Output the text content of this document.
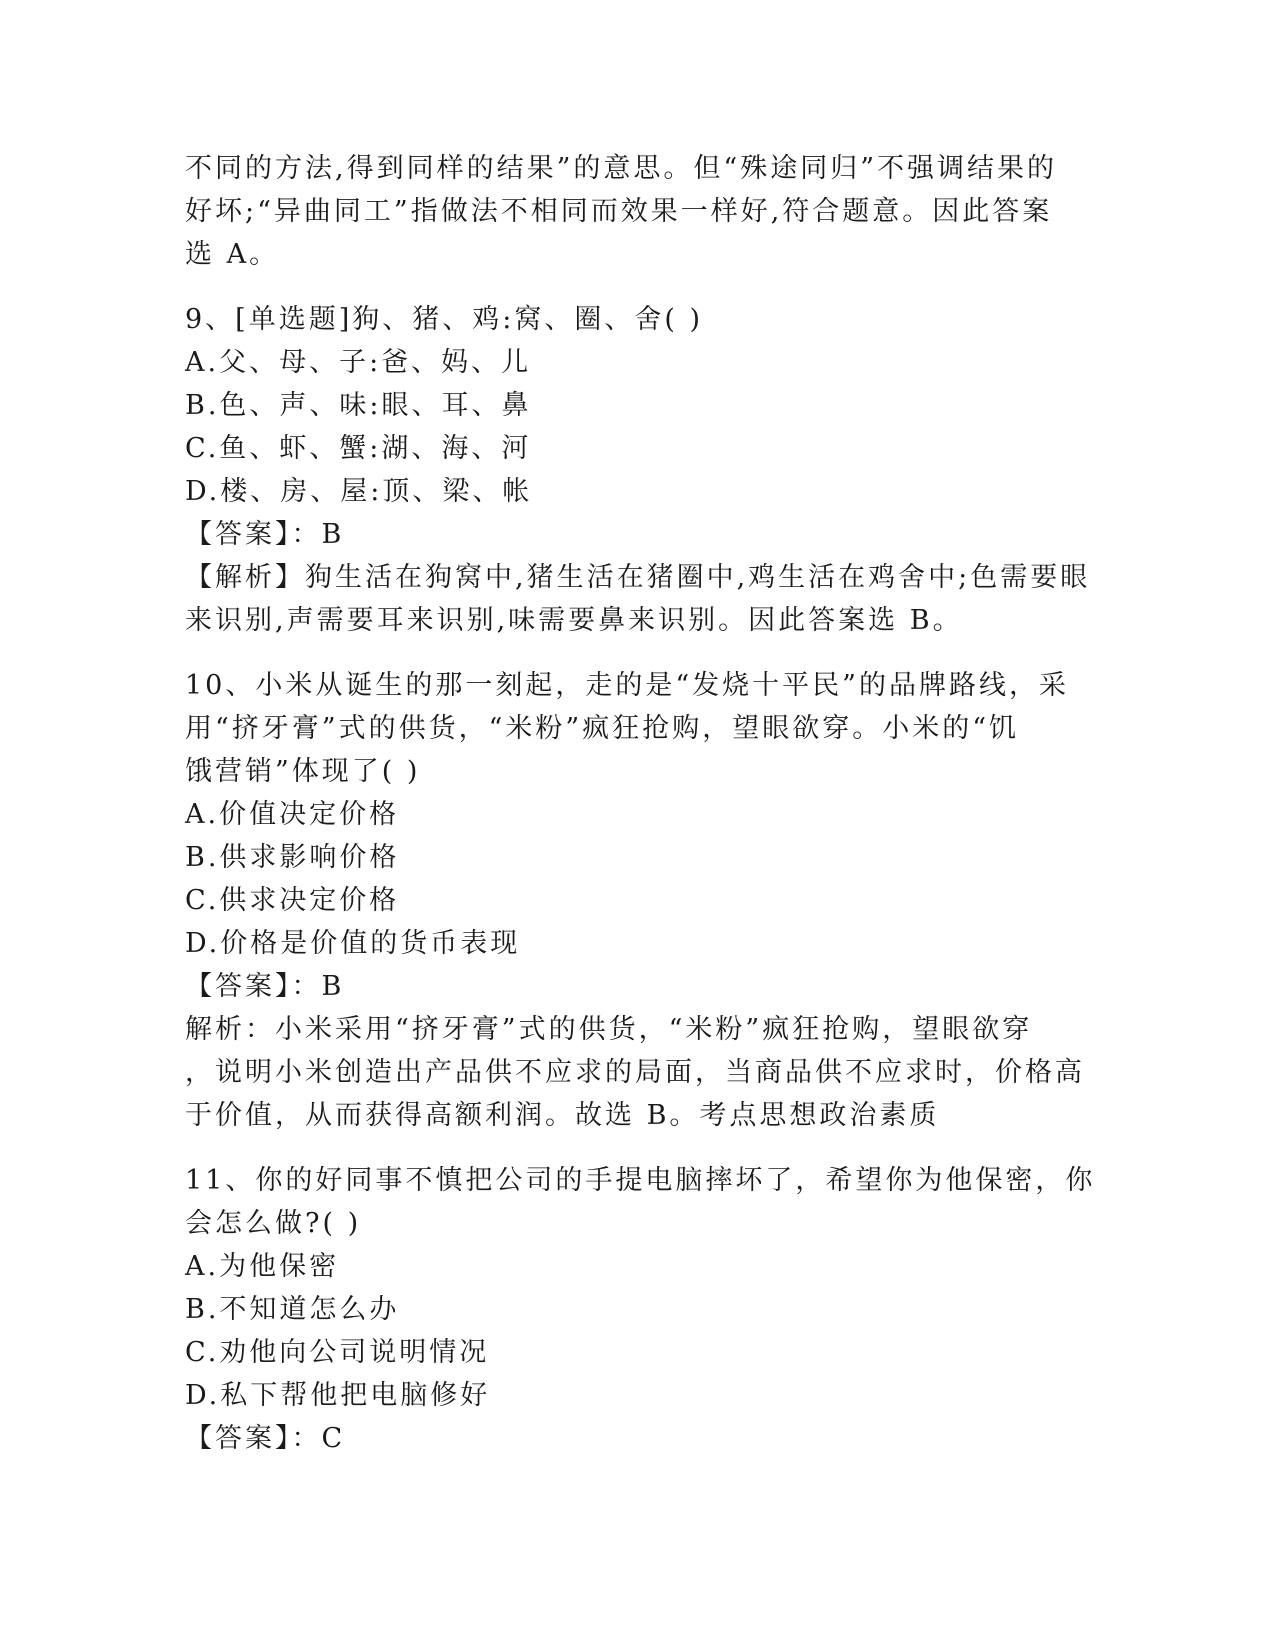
不同的方法,得到同样的结果”的意思。但“殊途同归”不强调结果的
好坏;“异曲同工”指做法不相同而效果一样好,符合题意。因此答案
选 A。
9、[单选题]狗、猪、鸡:窝、圈、舍( )
A.父、母、子:爸、妈、儿
B.色、声、味:眼、耳、鼻
C.鱼、虾、蟹:湖、海、河
D.楼、房、屋:顶、梁、帐
【答案】：B
【解析】狗生活在狗窝中,猪生活在猪圈中,鸡生活在鸡舍中;色需要眼
来识别,声需要耳来识别,味需要鼻来识别。因此答案选 B。
10、小米从诞生的那一刻起，走的是“发烧十平民”的品牌路线，采
用“挤牙膏”式的供货，“米粉”疯狂抢购，望眼欲穿。小米的“饥
饿营销”体现了( )
A.价值决定价格
B.供求影响价格
C.供求决定价格
D.价格是价值的货币表现
【答案】：B
解析：小米采用“挤牙膏”式的供货，“米粉”疯狂抢购，望眼欲穿
，说明小米创造出产品供不应求的局面，当商品供不应求时，价格高
于价值，从而获得高额利润。故选 B。考点思想政治素质
11、你的好同事不慎把公司的手提电脑摔坏了，希望你为他保密，你
会怎么做?( )
A.为他保密
B.不知道怎么办
C.劝他向公司说明情况
D.私下帮他把电脑修好
【答案】：C
